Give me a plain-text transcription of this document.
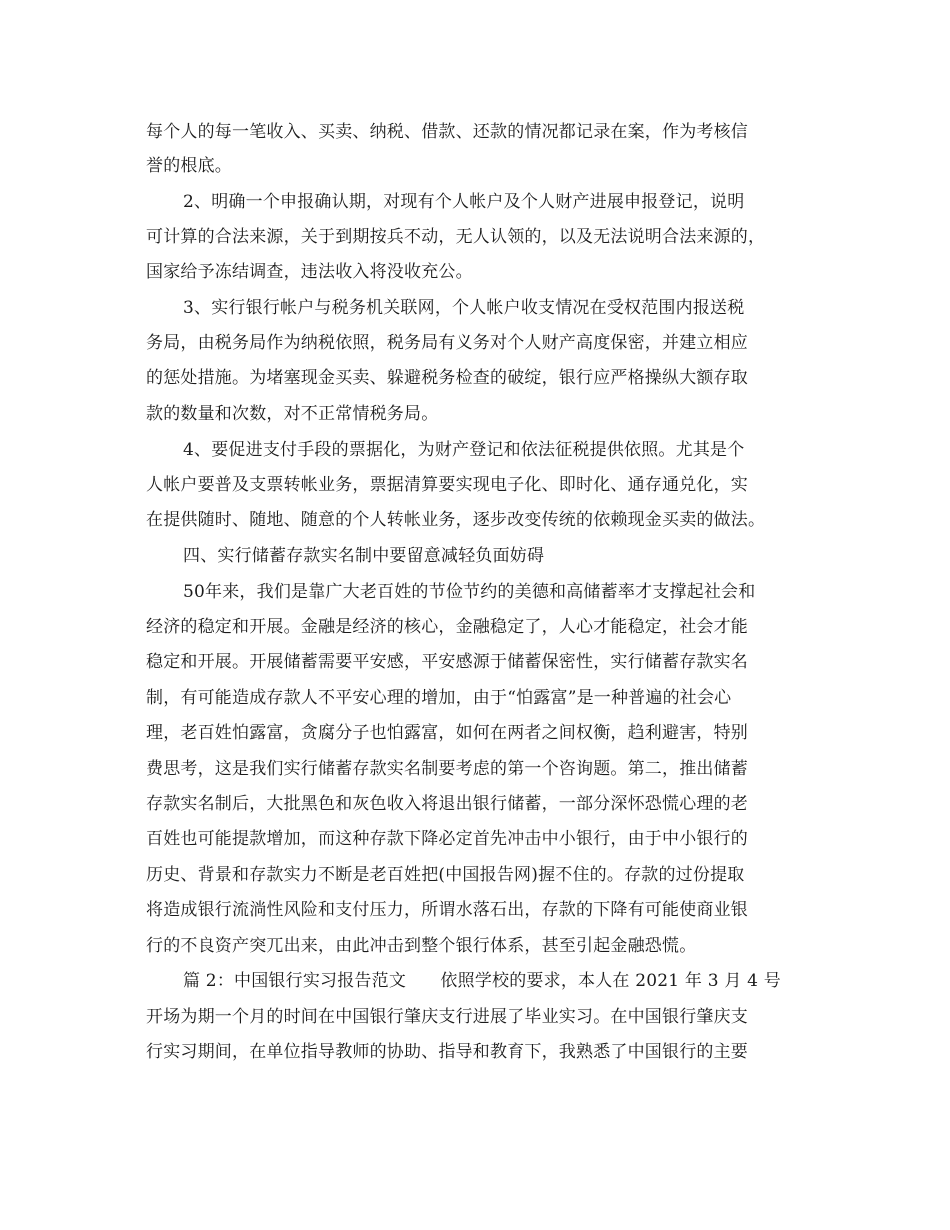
每个人的每一笔收入、买卖、纳税、借款、还款的情况都记录在案，作为考核信

誉的根底。

2、明确一个申报确认期，对现有个人帐户及个人财产进展申报登记，说明

可计算的合法来源，关于到期按兵不动，无人认领的，以及无法说明合法来源的，

国家给予冻结调查，违法收入将没收充公。

3、实行银行帐户与税务机关联网，个人帐户收支情况在受权范围内报送税

务局，由税务局作为纳税依照，税务局有义务对个人财产高度保密，并建立相应

的惩处措施。为堵塞现金买卖、躲避税务检查的破绽，银行应严格操纵大额存取

款的数量和次数，对不正常情税务局。

4、要促进支付手段的票据化，为财产登记和依法征税提供依照。尤其是个

人帐户要普及支票转帐业务，票据清算要实现电子化、即时化、通存通兑化，实

在提供随时、随地、随意的个人转帐业务，逐步改变传统的依赖现金买卖的做法。

四、实行储蓄存款实名制中要留意减轻负面妨碍

50年来，我们是靠广大老百姓的节俭节约的美德和高储蓄率才支撑起社会和

经济的稳定和开展。金融是经济的核心，金融稳定了，人心才能稳定，社会才能

稳定和开展。开展储蓄需要平安感，平安感源于储蓄保密性，实行储蓄存款实名

制，有可能造成存款人不平安心理的增加，由于“怕露富”是一种普遍的社会心

理，老百姓怕露富，贪腐分子也怕露富，如何在两者之间权衡，趋利避害，特别

费思考，这是我们实行储蓄存款实名制要考虑的第一个咨询题。第二，推出储蓄

存款实名制后，大批黑色和灰色收入将退出银行储蓄，一部分深怀恐慌心理的老

百姓也可能提款增加，而这种存款下降必定首先冲击中小银行，由于中小银行的

历史、背景和存款实力不断是老百姓把(中国报告网)握不住的。存款的过份提取

将造成银行流淌性风险和支付压力，所谓水落石出，存款的下降有可能使商业银

行的不良资产突兀出来，由此冲击到整个银行体系，甚至引起金融恐慌。

篇 2：中国银行实习报告范文　　依照学校的要求，本人在 2021 年 3 月 4 号

开场为期一个月的时间在中国银行肇庆支行进展了毕业实习。在中国银行肇庆支

行实习期间，在单位指导教师的协助、指导和教育下，我熟悉了中国银行的主要
